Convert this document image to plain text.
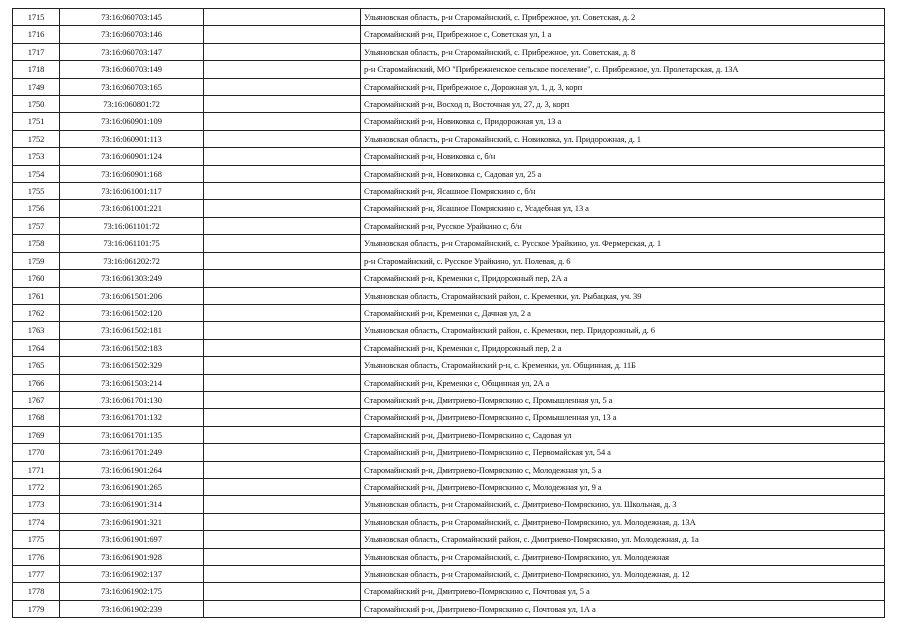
1715	73:16:060703:145		Ульяновская область, р-н Старомайнский, с. Прибрежное, ул. Советская, д. 2
1716	73:16:060703:146		Старомайнский р-н, Прибрежное с, Советская ул, 1 а
1717	73:16:060703:147		Ульяновская область, р-н Старомайнский, с. Прибрежное, ул. Советская, д. 8
1718	73:16:060703:149		р-н Старомайнский, МО "Прибрежненское сельское поселение", с. Прибрежное, ул. Пролетарская, д. 13А
1749	73:16:060703:165		Старомайнский р-н, Прибрежное с, Дорожная ул, 1, д. 3, корп
1750	73:16:060801:72		Старомайнский р-н, Восход п, Восточная ул, 27, д. 3, корп
1751	73:16:060901:109		Старомайнский р-н, Новиковка с, Придорожная ул, 13 а
1752	73:16:060901:113		Ульяновская область, р-н Старомайнский, с. Новиковка, ул. Придорожная, д. 1
1753	73:16:060901:124		Старомайнский р-н, Новиковка с, б/н
1754	73:16:060901:168		Старомайнский р-н, Новиковка с, Садовая ул, 25 а
1755	73:16:061001:117		Старомайнский р-н, Ясашное Помряскино с, б/н
1756	73:16:061001:221		Старомайнский р-н, Ясашное Помряскино с, Усадебная ул, 13 а
1757	73:16:061101:72		Старомайнский р-н, Русское Урайкино с, б/н
1758	73:16:061101:75		Ульяновская область, р-н Старомайнский, с. Русское Урайкино, ул. Фермерская, д. 1
1759	73:16:061202:72		р-н Старомайнский, с. Русское Урайкино, ул. Полевая, д. 6
1760	73:16:061303:249		Старомайнский р-н, Кременки с, Придорожный пер, 2А а
1761	73:16:061501:206		Ульяновская область, Старомайнский район, с. Кременки, ул. Рыбацкая, уч. 39
1762	73:16:061502:120		Старомайнский р-н, Кременки с, Дачная ул, 2 а
1763	73:16:061502:181		Ульяновская область, Старомайнский район, с. Кременки, пер. Придорожный, д. 6
1764	73:16:061502:183		Старомайнский р-н, Кременки с, Придорожный пер, 2 а
1765	73:16:061502:329		Ульяновская область, Старомайнский р-н, с. Кременки, ул. Общинная, д. 11Б
1766	73:16:061503:214		Старомайнский р-н, Кременки с, Общинная ул, 2А а
1767	73:16:061701:130		Старомайнский р-н, Дмитриево-Помряскино с, Промышленная ул, 5 а
1768	73:16:061701:132		Старомайнский р-н, Дмитриево-Помряскино с, Промышленная ул, 13 а
1769	73:16:061701:135		Старомайнский р-н, Дмитриево-Помряскино с, Садовая ул
1770	73:16:061701:249		Старомайнский р-н, Дмитриево-Помряскино с, Первомайская ул, 54 а
1771	73:16:061901:264		Старомайнский р-н, Дмитриево-Помряскино с, Молодежная ул, 5 а
1772	73:16:061901:265		Старомайнский р-н, Дмитриево-Помряскино с, Молодежная ул, 9 а
1773	73:16:061901:314		Ульяновская область, р-н Старомайнский, с. Дмитриево-Помряскино, ул. Школьная, д. 3
1774	73:16:061901:321		Ульяновская область, р-н Старомайнский, с. Дмитриево-Помряскино, ул. Молодежная, д. 13А
1775	73:16:061901:697		Ульяновская область, Старомайнский район, с. Дмитриево-Помряскино, ул. Молодежная, д. 1а
1776	73:16:061901:928		Ульяновская область, р-н Старомайнский, с. Дмитриево-Помряскино, ул. Молодежная
1777	73:16:061902:137		Ульяновская область, р-н Старомайнский, с. Дмитриево-Помряскино, ул. Молодежная, д. 12
1778	73:16:061902:175		Старомайнский р-н, Дмитриево-Помряскино с, Почтовая ул, 5 а
1779	73:16:061902:239		Старомайнский р-н, Дмитриево-Помряскино с, Почтовая ул, 1А а
